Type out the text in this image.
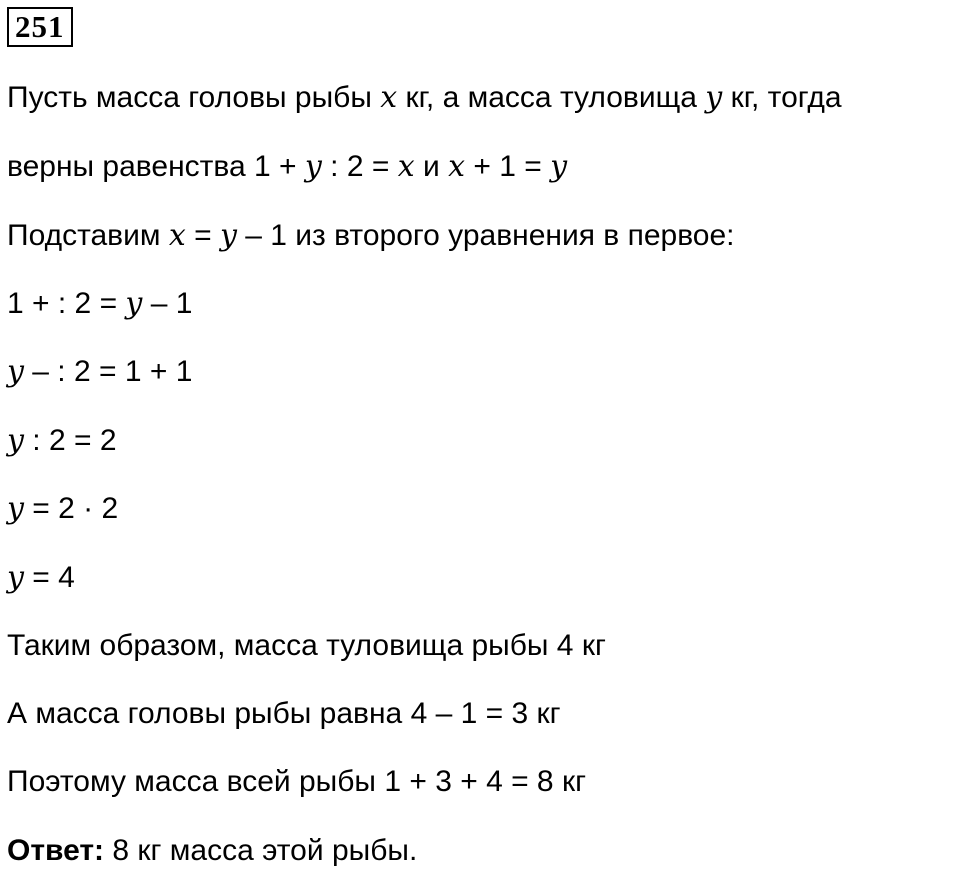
251
Пусть масса головы рыбы x кг, а масса туловища y кг, тогда
верны равенства 1 + y : 2 = x и x + 1 = y
Подставим x = y – 1 из второго уравнения в первое:
1 + : 2 = y – 1
y – : 2 = 1 + 1
y : 2 = 2
y = 2 · 2
y = 4
Таким образом, масса туловища рыбы 4 кг
А масса головы рыбы равна 4 – 1 = 3 кг
Поэтому масса всей рыбы 1 + 3 + 4 = 8 кг
Ответ: 8 кг масса этой рыбы.
